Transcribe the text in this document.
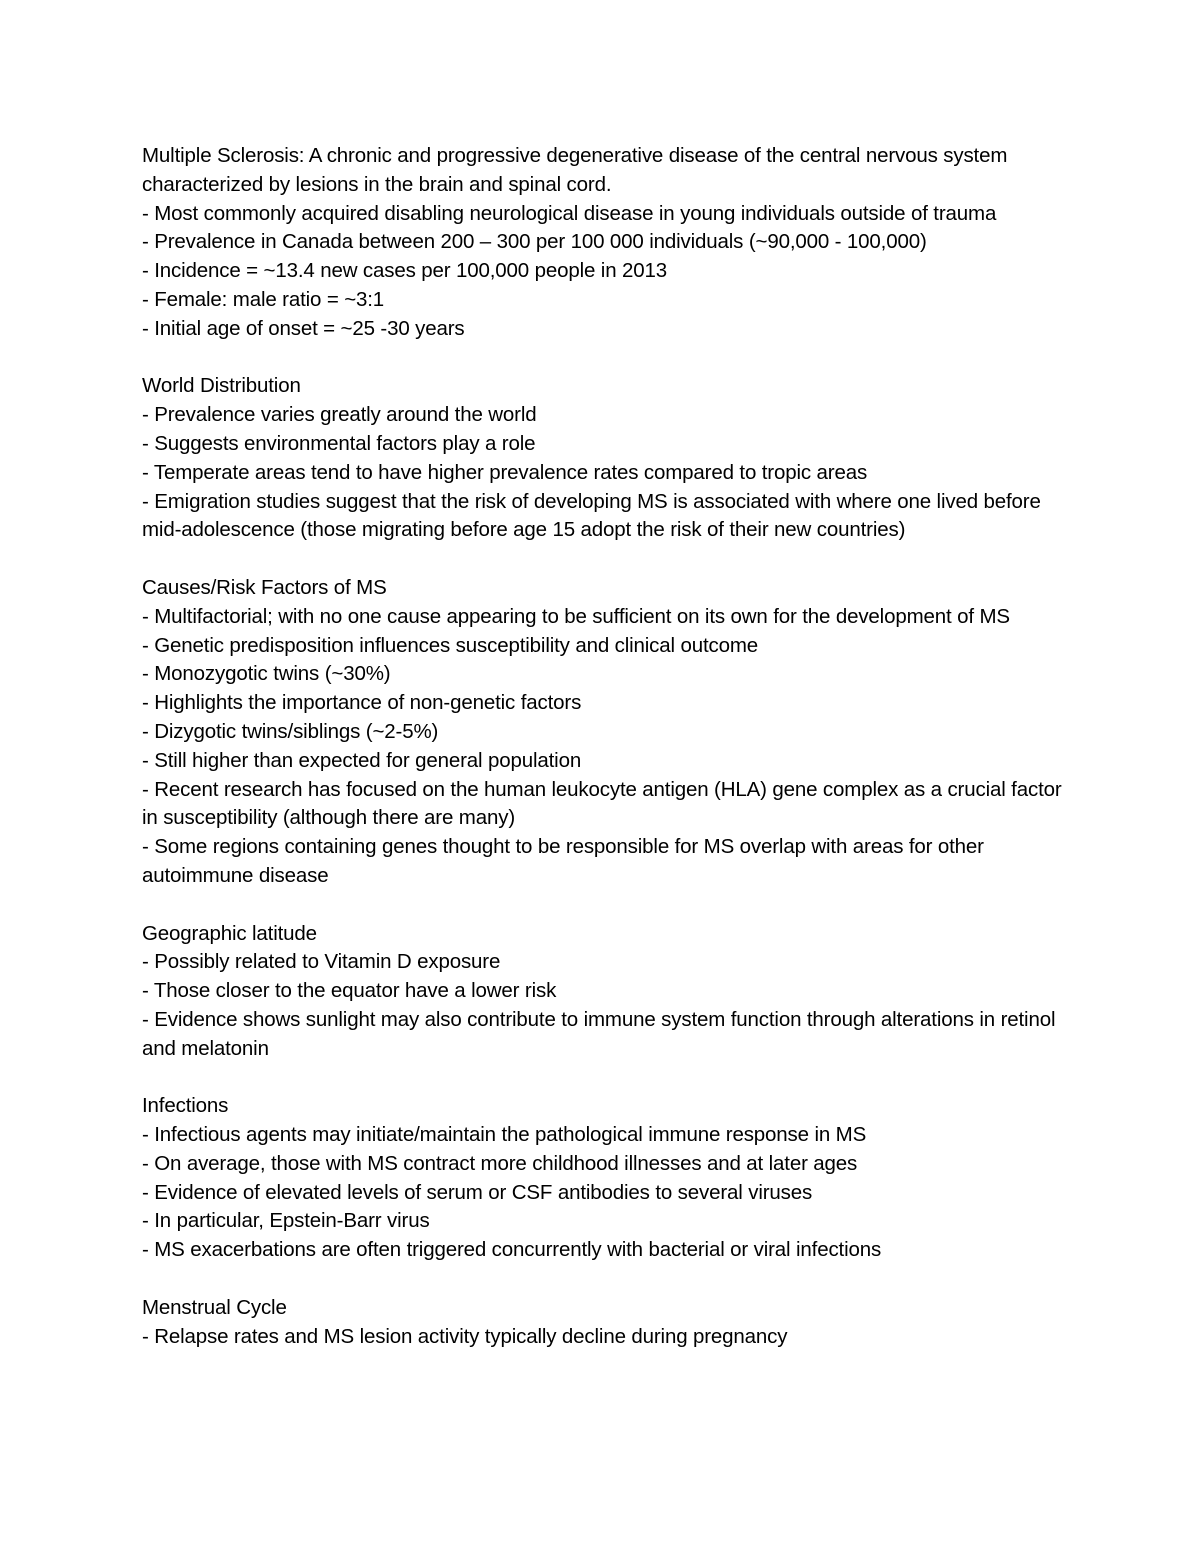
Multiple Sclerosis: A chronic and progressive degenerative disease of the central nervous system characterized by lesions in the brain and spinal cord.
- Most commonly acquired disabling neurological disease in young individuals outside of trauma
- Prevalence in Canada between 200 – 300 per 100 000 individuals (~90,000 - 100,000)
- Incidence = ~13.4 new cases per 100,000 people in 2013
- Female: male ratio = ~3:1
- Initial age of onset = ~25 -30 years
World Distribution
- Prevalence varies greatly around the world
- Suggests environmental factors play a role
- Temperate areas tend to have higher prevalence rates compared to tropic areas
- Emigration studies suggest that the risk of developing MS is associated with where one lived before mid-adolescence (those migrating before age 15 adopt the risk of their new countries)
Causes/Risk Factors of MS
- Multifactorial; with no one cause appearing to be sufficient on its own for the development of MS
- Genetic predisposition influences susceptibility and clinical outcome
- Monozygotic twins (~30%)
- Highlights the importance of non-genetic factors
- Dizygotic twins/siblings (~2-5%)
- Still higher than expected for general population
- Recent research has focused on the human leukocyte antigen (HLA) gene complex as a crucial factor in susceptibility (although there are many)
- Some regions containing genes thought to be responsible for MS overlap with areas for other autoimmune disease
Geographic latitude
- Possibly related to Vitamin D exposure
- Those closer to the equator have a lower risk
- Evidence shows sunlight may also contribute to immune system function through alterations in retinol and melatonin
Infections
- Infectious agents may initiate/maintain the pathological immune response in MS
- On average, those with MS contract more childhood illnesses and at later ages
- Evidence of elevated levels of serum or CSF antibodies to several viruses
- In particular, Epstein-Barr virus
- MS exacerbations are often triggered concurrently with bacterial or viral infections
Menstrual Cycle
- Relapse rates and MS lesion activity typically decline during pregnancy
